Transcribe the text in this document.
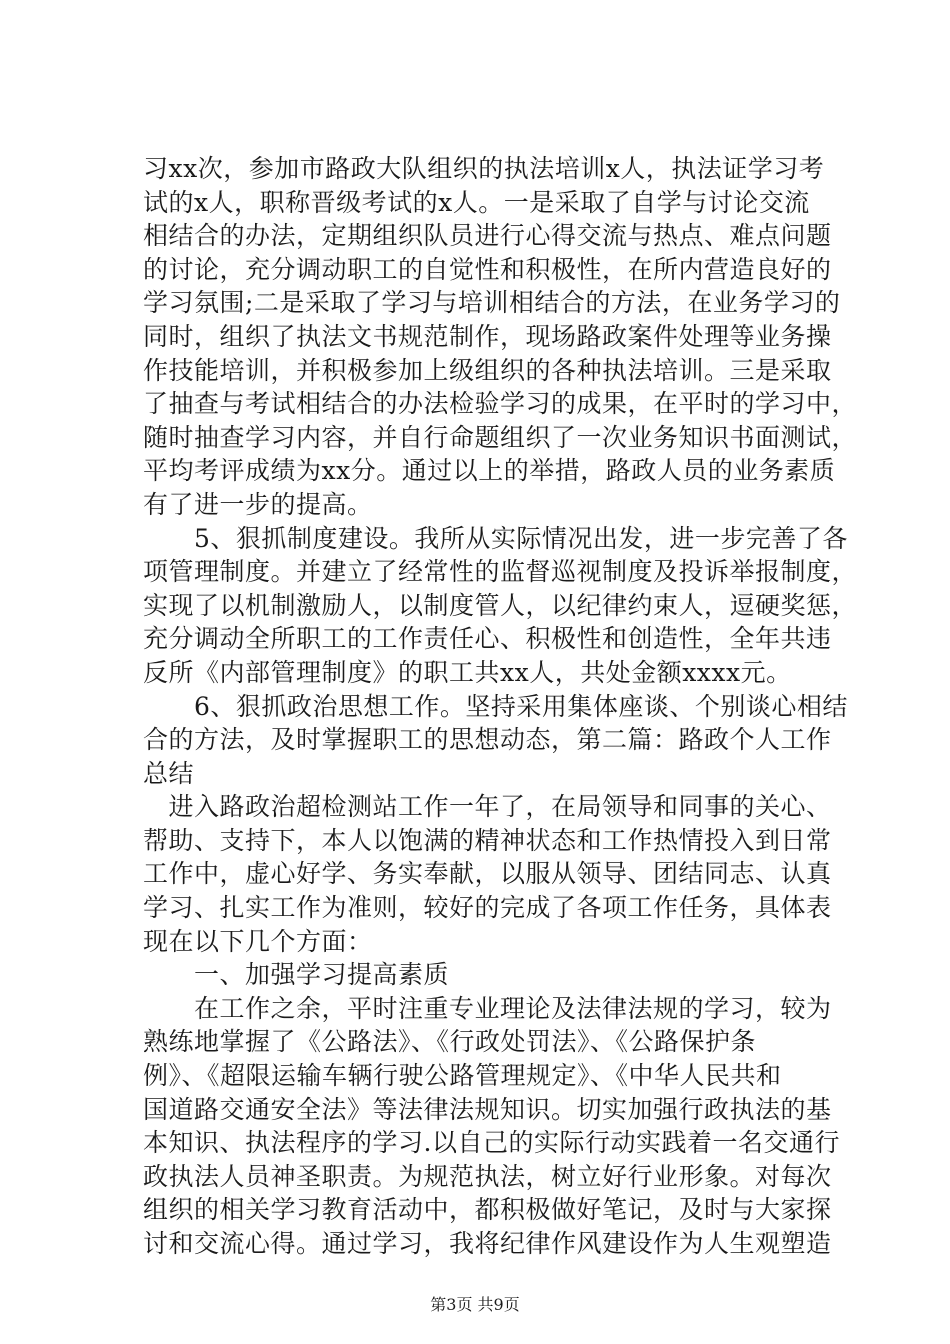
习xx次，参加市路政大队组织的执法培训x人，执法证学习考
试的x人，职称晋级考试的x人。一是采取了自学与讨论交流
相结合的办法，定期组织队员进行心得交流与热点、难点问题
的讨论，充分调动职工的自觉性和积极性，在所内营造良好的
学习氛围;二是采取了学习与培训相结合的方法，在业务学习的
同时，组织了执法文书规范制作，现场路政案件处理等业务操
作技能培训，并积极参加上级组织的各种执法培训。三是采取
了抽查与考试相结合的办法检验学习的成果，在平时的学习中，
随时抽查学习内容，并自行命题组织了一次业务知识书面测试，
平均考评成绩为xx分。通过以上的举措，路政人员的业务素质
有了进一步的提高。
　　5、狠抓制度建设。我所从实际情况出发，进一步完善了各
项管理制度。并建立了经常性的监督巡视制度及投诉举报制度，
实现了以机制激励人，以制度管人，以纪律约束人，逗硬奖惩，
充分调动全所职工的工作责任心、积极性和创造性，全年共违
反所《内部管理制度》的职工共xx人，共处金额xxxx元。
　　6、狠抓政治思想工作。坚持采用集体座谈、个别谈心相结
合的方法，及时掌握职工的思想动态，第二篇：路政个人工作
总结
　进入路政治超检测站工作一年了，在局领导和同事的关心、
帮助、支持下，本人以饱满的精神状态和工作热情投入到日常
工作中，虚心好学、务实奉献，以服从领导、团结同志、认真
学习、扎实工作为准则，较好的完成了各项工作任务，具体表
现在以下几个方面：
　　一、加强学习提高素质
　　在工作之余，平时注重专业理论及法律法规的学习，较为
熟练地掌握了《公路法》、《行政处罚法》、《公路保护条
例》、《超限运输车辆行驶公路管理规定》、《中华人民共和
国道路交通安全法》等法律法规知识。切实加强行政执法的基
本知识、执法程序的学习.以自己的实际行动实践着一名交通行
政执法人员神圣职责。为规范执法，树立好行业形象。对每次
组织的相关学习教育活动中，都积极做好笔记，及时与大家探
讨和交流心得。通过学习，我将纪律作风建设作为人生观塑造
第3页 共9页
